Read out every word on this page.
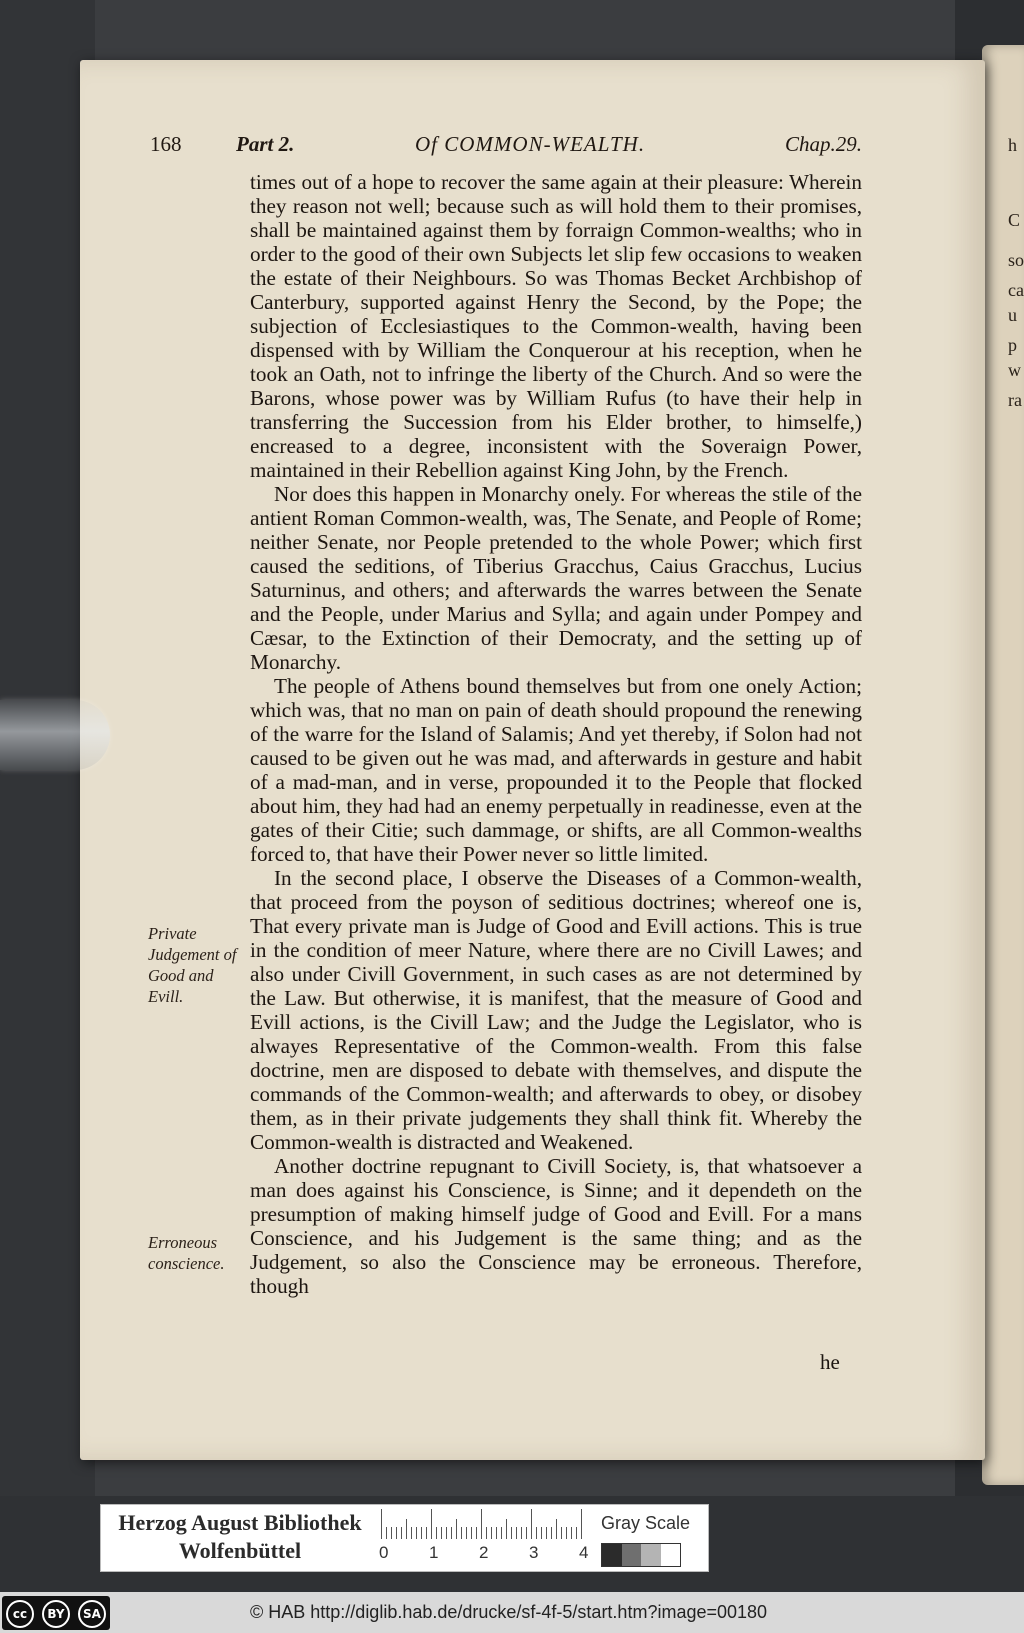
h
C
so
ca
u
p
w
ra
168	Part 2.	Of COMMON-WEALTH.	Chap.29.

times out of a hope to recover the same again at their pleasure: Wherein they reason not well; because such as will hold them to their promises, shall be maintained against them by forraign Common-wealths; who in order to the good of their own Subjects let slip few occasions to weaken the estate of their Neighbours. So was Thomas Becket Archbishop of Canterbury, supported against Henry the Second, by the Pope; the subjection of Ecclesiastiques to the Common-wealth, having been dispensed with by William the Conquerour at his reception, when he took an Oath, not to infringe the liberty of the Church. And so were the Barons, whose power was by William Rufus (to have their help in transferring the Succession from his Elder brother, to himselfe,) encreased to a degree, inconsistent with the Soveraign Power, maintained in their Rebellion against King John, by the French.

Nor does this happen in Monarchy onely. For whereas the stile of the antient Roman Common-wealth, was, The Senate, and People of Rome; neither Senate, nor People pretended to the whole Power; which first caused the seditions, of Tiberius Gracchus, Caius Gracchus, Lucius Saturninus, and others; and afterwards the warres between the Senate and the People, under Marius and Sylla; and again under Pompey and Cæsar, to the Extinction of their Democraty, and the setting up of Monarchy.

The people of Athens bound themselves but from one onely Action; which was, that no man on pain of death should propound the renewing of the warre for the Island of Salamis; And yet thereby, if Solon had not caused to be given out he was mad, and afterwards in gesture and habit of a mad-man, and in verse, propounded it to the People that flocked about him, they had had an enemy perpetually in readinesse, even at the gates of their Citie; such dammage, or shifts, are all Common-wealths forced to, that have their Power never so little limited.

In the second place, I observe the Diseases of a Common-wealth, that proceed from the poyson of seditious doctrines; whereof one is, That every private man is Judge of Good and Evill actions. This is true in the condition of meer Nature, where there are no Civill Lawes; and also under Civill Government, in such cases as are not determined by the Law. But otherwise, it is manifest, that the measure of Good and Evill actions, is the Civill Law; and the Judge the Legislator, who is alwayes Representative of the Common-wealth. From this false doctrine, men are disposed to debate with themselves, and dispute the commands of the Common-wealth; and afterwards to obey, or disobey them, as in their private judgements they shall think fit. Whereby the Common-wealth is distracted and Weakened.

Another doctrine repugnant to Civill Society, is, that whatsoever a man does against his Conscience, is Sinne; and it dependeth on the presumption of making himself judge of Good and Evill. For a mans Conscience, and his Judgement is the same thing; and as the Judgement, so also the Conscience may be erroneous. Therefore, though

Private Judgement of Good and Evill.
Erroneous conscience.
he
Herzog August Bibliothek
Wolfenbüttel	0 1 2 3 4
Gray Scale
cc	BY	SA	© HAB http://diglib.hab.de/drucke/sf-4f-5/start.htm?image=00180
